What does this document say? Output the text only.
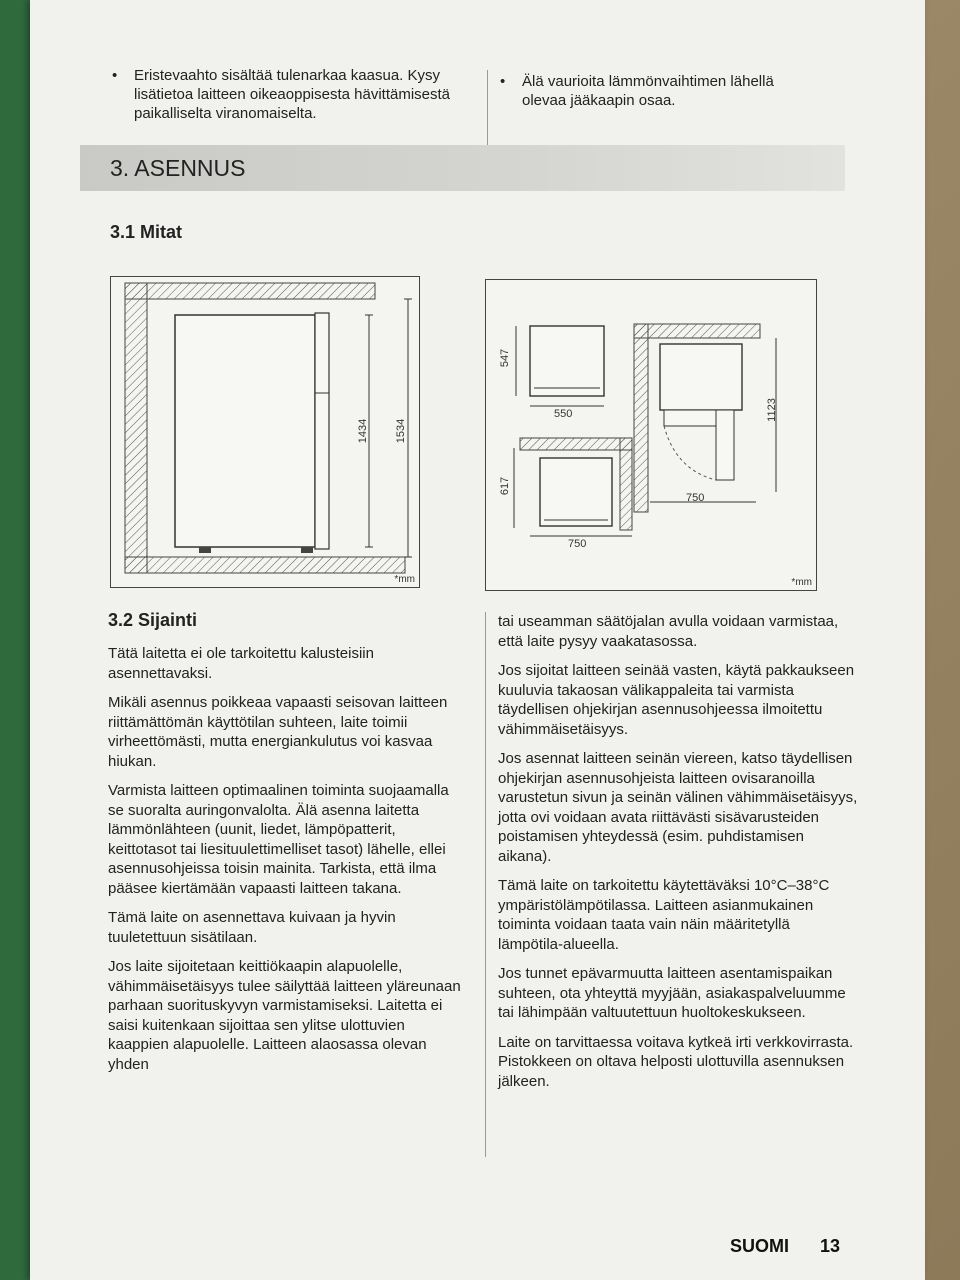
• Eristevaahto sisältää tulenarkaa kaasua. Kysy lisätietoa laitteen oikeaoppisesta hävittämisestä paikalliselta viranomaiselta.
• Älä vaurioita lämmönvaihtimen lähellä olevaa jääkaapin osaa.
3. ASENNUS
3.1 Mitat
1434 1534
*mm
547
550
617
750
750
1123
*mm
3.2 Sijainti

Tätä laitetta ei ole tarkoitettu kalusteisiin asennettavaksi.

Mikäli asennus poikkeaa vapaasti seisovan laitteen riittämättömän käyttötilan suhteen, laite toimii virheettömästi, mutta energiankulutus voi kasvaa hiukan.

Varmista laitteen optimaalinen toiminta suojaamalla se suoralta auringonvalolta. Älä asenna laitetta lämmönlähteen (uunit, liedet, lämpöpatterit, keittotasot tai liesituulettimelliset tasot) lähelle, ellei asennusohjeissa toisin mainita. Tarkista, että ilma pääsee kiertämään vapaasti laitteen takana.

Tämä laite on asennettava kuivaan ja hyvin tuuletettuun sisätilaan.

Jos laite sijoitetaan keittiökaapin alapuolelle, vähimmäisetäisyys tulee säilyttää laitteen yläreunaan parhaan suorituskyvyn varmistamiseksi. Laitetta ei saisi kuitenkaan sijoittaa sen ylitse ulottuvien kaappien alapuolelle. Laitteen alaosassa olevan yhden

tai useamman säätöjalan avulla voidaan varmistaa, että laite pysyy vaakatasossa.

Jos sijoitat laitteen seinää vasten, käytä pakkaukseen kuuluvia takaosan välikappaleita tai varmista täydellisen ohjekirjan asennusohjeessa ilmoitettu vähimmäisetäisyys.

Jos asennat laitteen seinän viereen, katso täydellisen ohjekirjan asennusohjeista laitteen ovisaranoilla varustetun sivun ja seinän välinen vähimmäisetäisyys, jotta ovi voidaan avata riittävästi sisävarusteiden poistamisen yhteydessä (esim. puhdistamisen aikana).

Tämä laite on tarkoitettu käytettäväksi 10°C–38°C ympäristölämpötilassa. Laitteen asianmukainen toiminta voidaan taata vain näin määritetyllä lämpötila-alueella.

Jos tunnet epävarmuutta laitteen asentamispaikan suhteen, ota yhteyttä myyjään, asiakaspalveluumme tai lähimpään valtuutettuun huoltokeskukseen.

Laite on tarvittaessa voitava kytkeä irti verkkovirrasta. Pistokkeen on oltava helposti ulottuvilla asennuksen jälkeen.

SUOMI 13
